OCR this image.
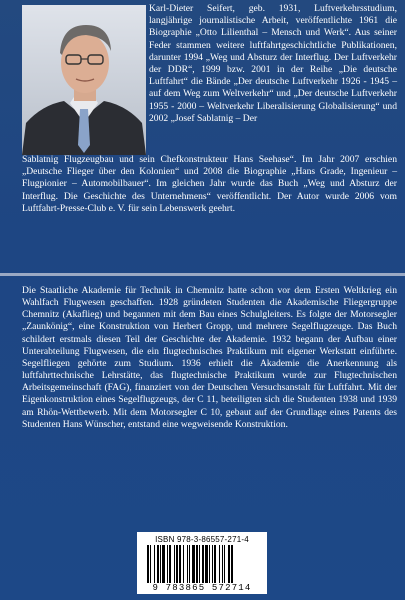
Karl-Dieter Seifert, geb. 1931, Luftverkehrsstudium, langjährige journalistische Arbeit, veröffentlichte 1961 die Biographie „Otto Lilienthal – Mensch und Werk“. Aus seiner Feder stammen weitere luftfahrtgeschichtliche Publikationen, darunter 1994 „Weg und Absturz der Interflug. Der Luftverkehr der DDR“, 1999 bzw. 2001 in der Reihe „Die deutsche Luftfahrt“ die Bände „Der deutsche Luftverkehr 1926 - 1945 – auf dem Weg zum Weltverkehr“ und „Der deutsche Luftverkehr 1955 - 2000 – Weltverkehr Liberalisierung Globalisierung“ und 2002 „Josef Sablatnig – Der
Sablatnig Flugzeugbau und sein Chefkonstrukteur Hans Seehase“. Im Jahr 2007 erschien „Deutsche Flieger über den Kolonien“ und 2008 die Biographie „Hans Grade, Ingenieur – Flugpionier – Automobilbauer“. Im gleichen Jahr wurde das Buch „Weg und Absturz der Interflug. Die Geschichte des Unternehmens“ veröffentlicht. Der Autor wurde 2006 vom Luftfahrt-Presse-Club e. V. für sein Lebenswerk geehrt.
Die Staatliche Akademie für Technik in Chemnitz hatte schon vor dem Ersten Weltkrieg ein Wahlfach Flugwesen geschaffen. 1928 gründeten Studenten die Akademische Fliegergruppe Chemnitz (Akaflieg) und begannen mit dem Bau eines Schulgleiters. Es folgte der Motorsegler „Zaunkönig“, eine Konstruktion von Herbert Gropp, und mehrere Segelflugzeuge. Das Buch schildert erstmals diesen Teil der Geschichte der Akademie. 1932 begann der Aufbau einer Unterabteilung Flugwesen, die ein flugtechnisches Praktikum mit eigener Werkstatt einführte. Segelfliegen gehörte zum Studium. 1936 erhielt die Akademie die Anerkennung als luftfahrttechnische Lehrstätte, das flugtechnische Praktikum wurde zur Flugtechnischen Arbeitsgemeinschaft (FAG), finanziert von der Deutschen Versuchsanstalt für Luftfahrt. Mit der Eigenkonstruktion eines Segelflugzeugs, der C 11, beteiligten sich die Studenten 1938 und 1939 am Rhön-Wettbewerb. Mit dem Motorsegler C 10, gebaut auf der Grundlage eines Patents des Studenten Hans Wünscher, entstand eine wegweisende Konstruktion.
ISBN 978-3-86557-271-4
9 783865 572714
